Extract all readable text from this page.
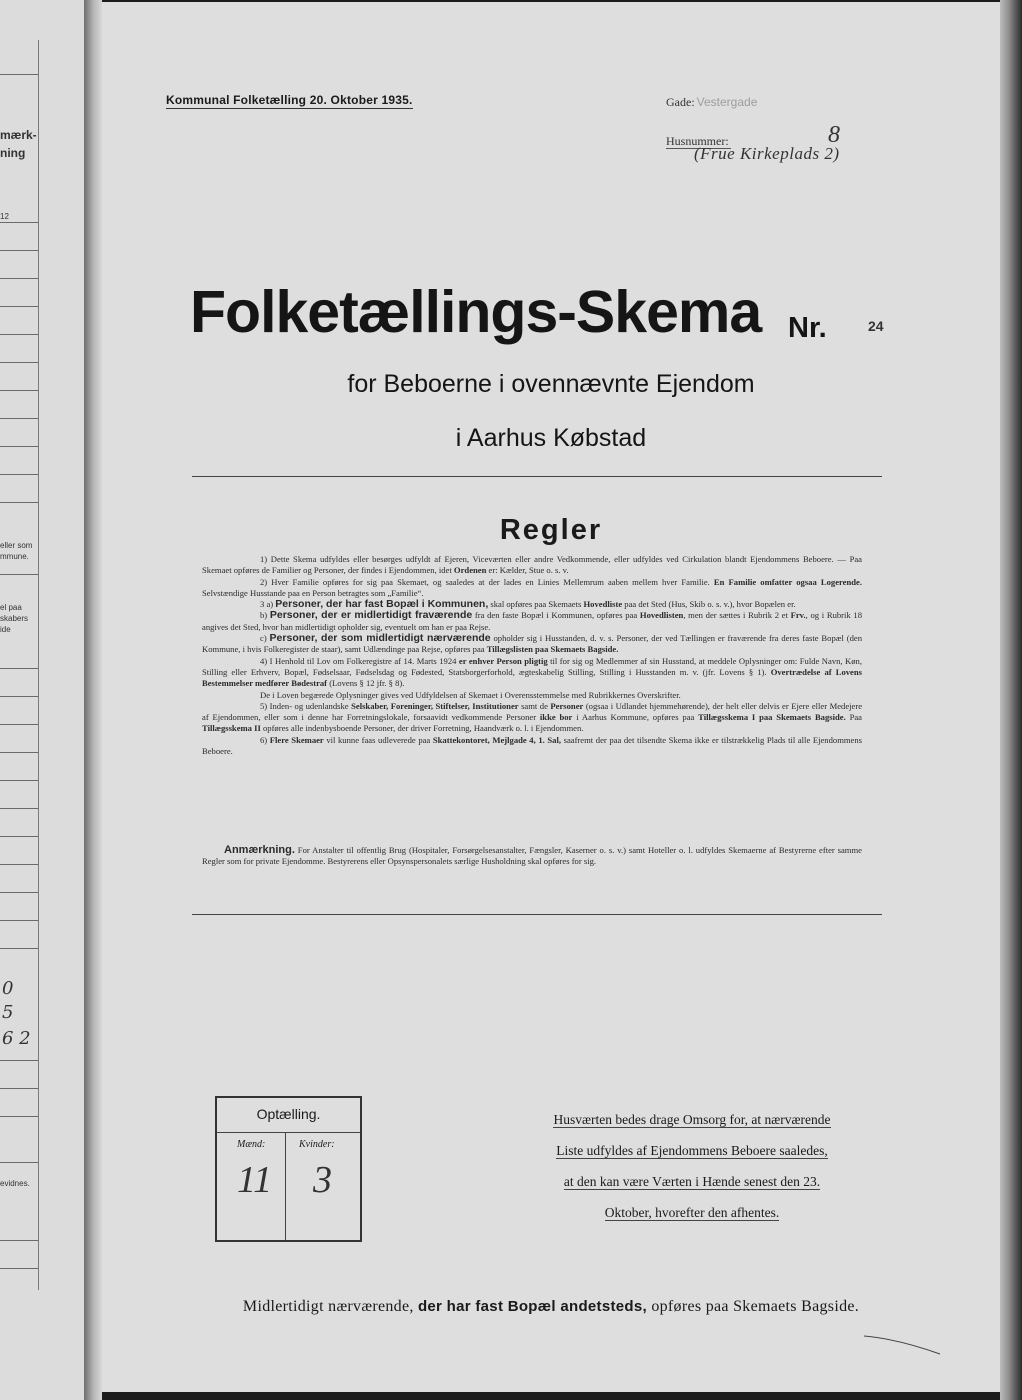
mærk-
ning
12
eller som
mmune.
el paa
skabers
ide
0
5
6 2
evidnes.
Kommunal Folketælling 20. Oktober 1935.	Gade: Vestergade
Husnummer:	8
(Frue Kirkeplads 2)
Folketællings-Skema Nr.	24
for Beboerne i ovennævnte Ejendom
i Aarhus Købstad
Regler

1) Dette Skema udfyldes eller besørges udfyldt af Ejeren, Viceværten eller andre Vedkommende, eller udfyldes ved Cirkulation blandt Ejendommens Beboere. — Paa Skemaet opføres de Familier og Personer, der findes i Ejendommen, idet Ordenen er: Kælder, Stue o. s. v.

2) Hver Familie opføres for sig paa Skemaet, og saaledes at der lades en Linies Mellemrum aaben mellem hver Familie. En Familie omfatter ogsaa Logerende. Selvstændige Husstande paa en Person betragtes som „Familie“.

3 a) Personer, der har fast Bopæl i Kommunen, skal opføres paa Skemaets Hovedliste paa det Sted (Hus, Skib o. s. v.), hvor Bopælen er.

b) Personer, der er midlertidigt fraværende fra den faste Bopæl i Kommunen, opføres paa Hovedlisten, men der sættes i Rubrik 2 et Frv., og i Rubrik 18 angives det Sted, hvor han midlertidigt opholder sig, eventuelt om han er paa Rejse.

c) Personer, der som midlertidigt nærværende opholder sig i Husstanden, d. v. s. Personer, der ved Tællingen er fraværende fra deres faste Bopæl (den Kommune, i hvis Folkeregister de staar), samt Udlændinge paa Rejse, opføres paa Tillægslisten paa Skemaets Bagside.

4) I Henhold til Lov om Folkeregistre af 14. Marts 1924 er enhver Person pligtig til for sig og Medlemmer af sin Husstand, at meddele Oplysninger om: Fulde Navn, Køn, Stilling eller Erhverv, Bopæl, Fødselsaar, Fødselsdag og Fødested, Statsborgerforhold, ægteskabelig Stilling, Stilling i Husstanden m. v. (jfr. Lovens § 1). Overtrædelse af Lovens Bestemmelser medfører Bødestraf (Lovens § 12 jfr. § 8).

De i Loven begærede Oplysninger gives ved Udfyldelsen af Skemaet i Overensstemmelse med Rubrikkernes Overskrifter.

5) Inden- og udenlandske Selskaber, Foreninger, Stiftelser, Institutioner samt de Personer (ogsaa i Udlandet hjemmehørende), der helt eller delvis er Ejere eller Medejere af Ejendommen, eller som i denne har Forretningslokale, forsaavidt vedkommende Personer ikke bor i Aarhus Kommune, opføres paa Tillægsskema I paa Skemaets Bagside. Paa Tillægsskema II opføres alle indenbysboende Personer, der driver Forretning, Haandværk o. l. i Ejendommen.

6) Flere Skemaer vil kunne faas udleverede paa Skattekontoret, Mejlgade 4, 1. Sal, saafremt der paa det tilsendte Skema ikke er tilstrækkelig Plads til alle Ejendommens Beboere.

Anmærkning. For Anstalter til offentlig Brug (Hospitaler, Forsørgelsesanstalter, Fængsler, Kaserner o. s. v.) samt Hoteller o. l. udfyldes Skemaerne af Bestyrerne efter samme Regler som for private Ejendomme. Bestyrerens eller Opsynspersonalets særlige Husholdning skal opføres for sig.
Optælling.
Mænd:	Kvinder:
11 3
Husværten bedes drage Omsorg for, at nærværende
Liste udfyldes af Ejendommens Beboere saaledes,
at den kan være Værten i Hænde senest den 23.
Oktober, hvorefter den afhentes.
Midlertidigt nærværende, der har fast Bopæl andetsteds, opføres paa Skemaets Bagside.
